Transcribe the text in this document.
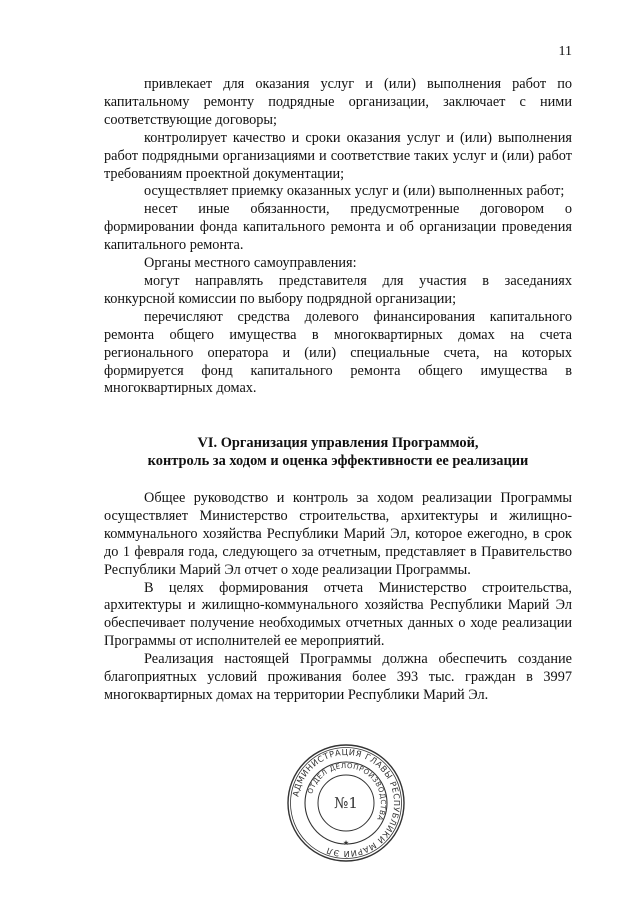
11

привлекает для оказания услуг и (или) выполнения работ по капитальному ремонту подрядные организации, заключает с ними соответствующие договоры;

контролирует качество и сроки оказания услуг и (или) выполнения работ подрядными организациями и соответствие таких услуг и (или) работ требованиям проектной документации;

осуществляет приемку оказанных услуг и (или) выполненных работ;

несет иные обязанности, предусмотренные договором о формировании фонда капитального ремонта и об организации проведения капитального ремонта.

Органы местного самоуправления:

могут направлять представителя для участия в заседаниях конкурсной комиссии по выбору подрядной организации;

перечисляют средства долевого финансирования капитального ремонта общего имущества в многоквартирных домах на счета регионального оператора и (или) специальные счета, на которых формируется фонд капитального ремонта общего имущества в многоквартирных домах.

VI. Организация управления Программой,
контроль за ходом и оценка эффективности ее реализации

Общее руководство и контроль за ходом реализации Программы осуществляет Министерство строительства, архитектуры и жилищно-коммунального хозяйства Республики Марий Эл, которое ежегодно, в срок до 1 февраля года, следующего за отчетным, представляет в Правительство Республики Марий Эл отчет о ходе реализации Программы.

В целях формирования отчета Министерство строительства, архитектуры и жилищно-коммунального хозяйства Республики Марий Эл обеспечивает получение необходимых отчетных данных о ходе реализации Программы от исполнителей ее мероприятий.

Реализация настоящей Программы должна обеспечить создание благоприятных условий проживания более 393 тыс. граждан в 3997 многоквартирных домах на территории Республики Марий Эл.

АДМИНИСТРАЦИЯ ГЛАВЫ РЕСПУБЛИКИ МАРИЙ ЭЛ
ОТДЕЛ ДЕЛОПРОИЗВОДСТВА
№1
★
